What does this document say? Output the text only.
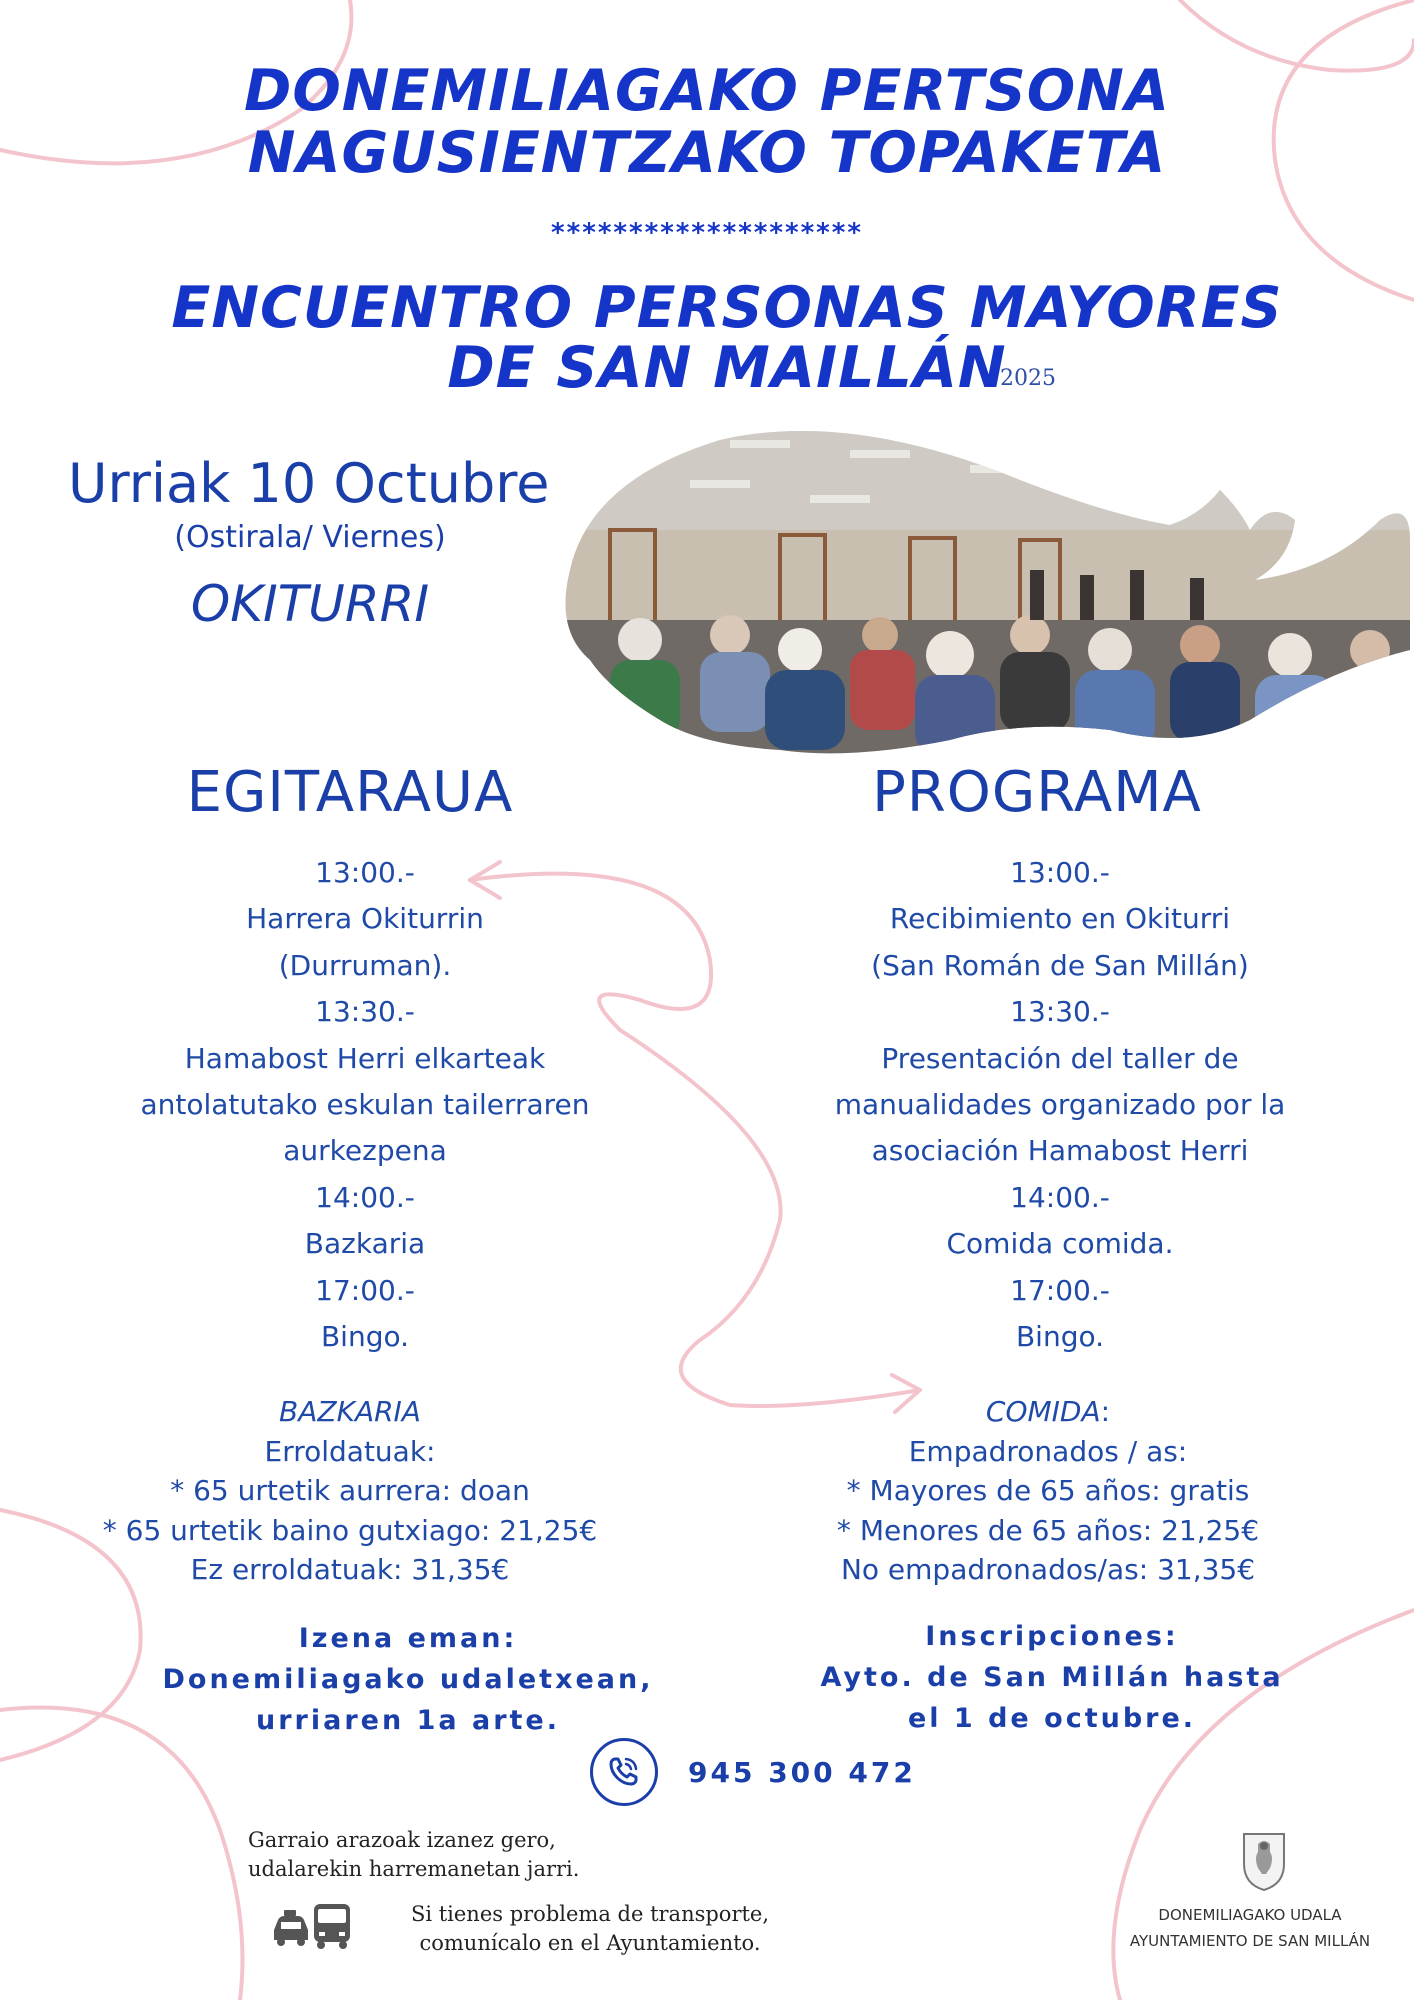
DONEMILIAGAKO PERTSONA
NAGUSIENTZAKO TOPAKETA
********************
ENCUENTRO PERSONAS MAYORES
DE SAN MAILLÁN
2025
Urriak 10 Octubre
(Ostirala/ Viernes)
OKITURRI
EGITARAUA
13:00.-
Harrera Okiturrin
(Durruman).
13:30.-
Hamabost Herri elkarteak
antolatutako eskulan tailerraren
aurkezpena
14:00.-
Bazkaria
17:00.-
Bingo.
BAZKARIA
Erroldatuak:
* 65 urtetik aurrera: doan
* 65 urtetik baino gutxiago: 21,25€
Ez erroldatuak: 31,35€
Izena eman:
Donemiliagako udaletxean,
urriaren 1a arte.
PROGRAMA
13:00.-
Recibimiento en Okiturri
(San Román de San Millán)
13:30.-
Presentación del taller de
manualidades organizado por la
asociación Hamabost Herri
14:00.-
Comida comida.
17:00.-
Bingo.
COMIDA:
Empadronados / as:
* Mayores de 65 años: gratis
* Menores de 65 años: 21,25€
No empadronados/as: 31,35€
Inscripciones:
Ayto. de San Millán hasta
el 1 de octubre.
945 300 472
Garraio arazoak izanez gero,
udalarekin harremanetan jarri.
Si tienes problema de transporte,
comunícalo en el Ayuntamiento.
DONEMILIAGAKO UDALA
AYUNTAMIENTO DE SAN MILLÁN
